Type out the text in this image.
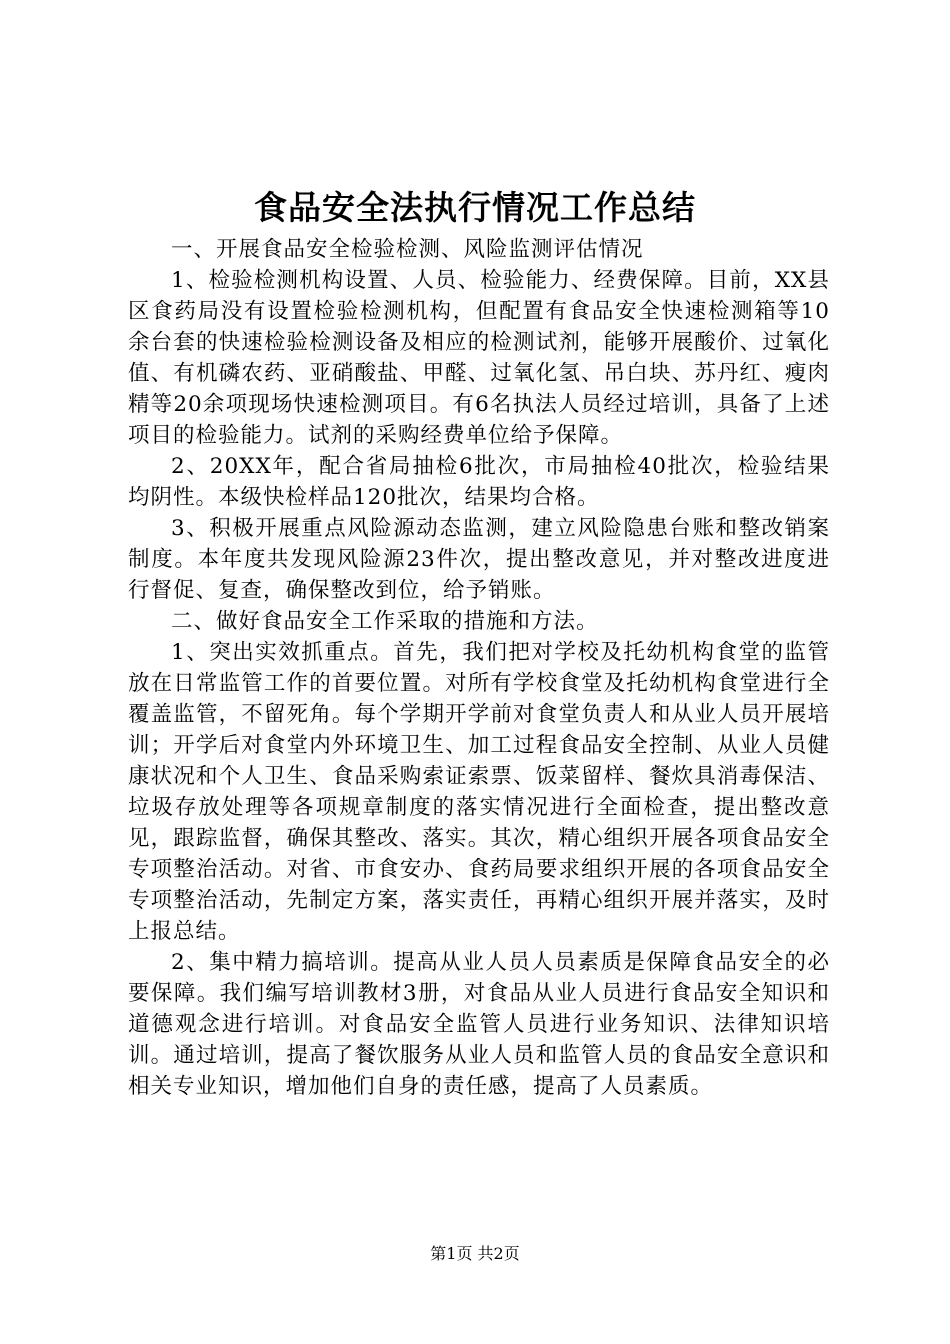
食品安全法执行情况工作总结

一、开展食品安全检验检测、风险监测评估情况

1、检验检测机构设置、人员、检验能力、经费保障。目前，XX县区食药局没有设置检验检测机构，但配置有食品安全快速检测箱等10余台套的快速检验检测设备及相应的检测试剂，能够开展酸价、过氧化值、有机磷农药、亚硝酸盐、甲醛、过氧化氢、吊白块、苏丹红、瘦肉精等20余项现场快速检测项目。有6名执法人员经过培训，具备了上述项目的检验能力。试剂的采购经费单位给予保障。

2、20XX年，配合省局抽检6批次，市局抽检40批次，检验结果均阴性。本级快检样品120批次，结果均合格。

3、积极开展重点风险源动态监测，建立风险隐患台账和整改销案制度。本年度共发现风险源23件次，提出整改意见，并对整改进度进行督促、复查，确保整改到位，给予销账。

二、做好食品安全工作采取的措施和方法。

1、突出实效抓重点。首先，我们把对学校及托幼机构食堂的监管放在日常监管工作的首要位置。对所有学校食堂及托幼机构食堂进行全覆盖监管，不留死角。每个学期开学前对食堂负责人和从业人员开展培训；开学后对食堂内外环境卫生、加工过程食品安全控制、从业人员健康状况和个人卫生、食品采购索证索票、饭菜留样、餐炊具消毒保洁、垃圾存放处理等各项规章制度的落实情况进行全面检查，提出整改意见，跟踪监督，确保其整改、落实。其次，精心组织开展各项食品安全专项整治活动。对省、市食安办、食药局要求组织开展的各项食品安全专项整治活动，先制定方案，落实责任，再精心组织开展并落实，及时上报总结。

2、集中精力搞培训。提高从业人员人员素质是保障食品安全的必要保障。我们编写培训教材3册，对食品从业人员进行食品安全知识和道德观念进行培训。对食品安全监管人员进行业务知识、法律知识培训。通过培训，提高了餐饮服务从业人员和监管人员的食品安全意识和相关专业知识，增加他们自身的责任感，提高了人员素质。

第1页 共2页
